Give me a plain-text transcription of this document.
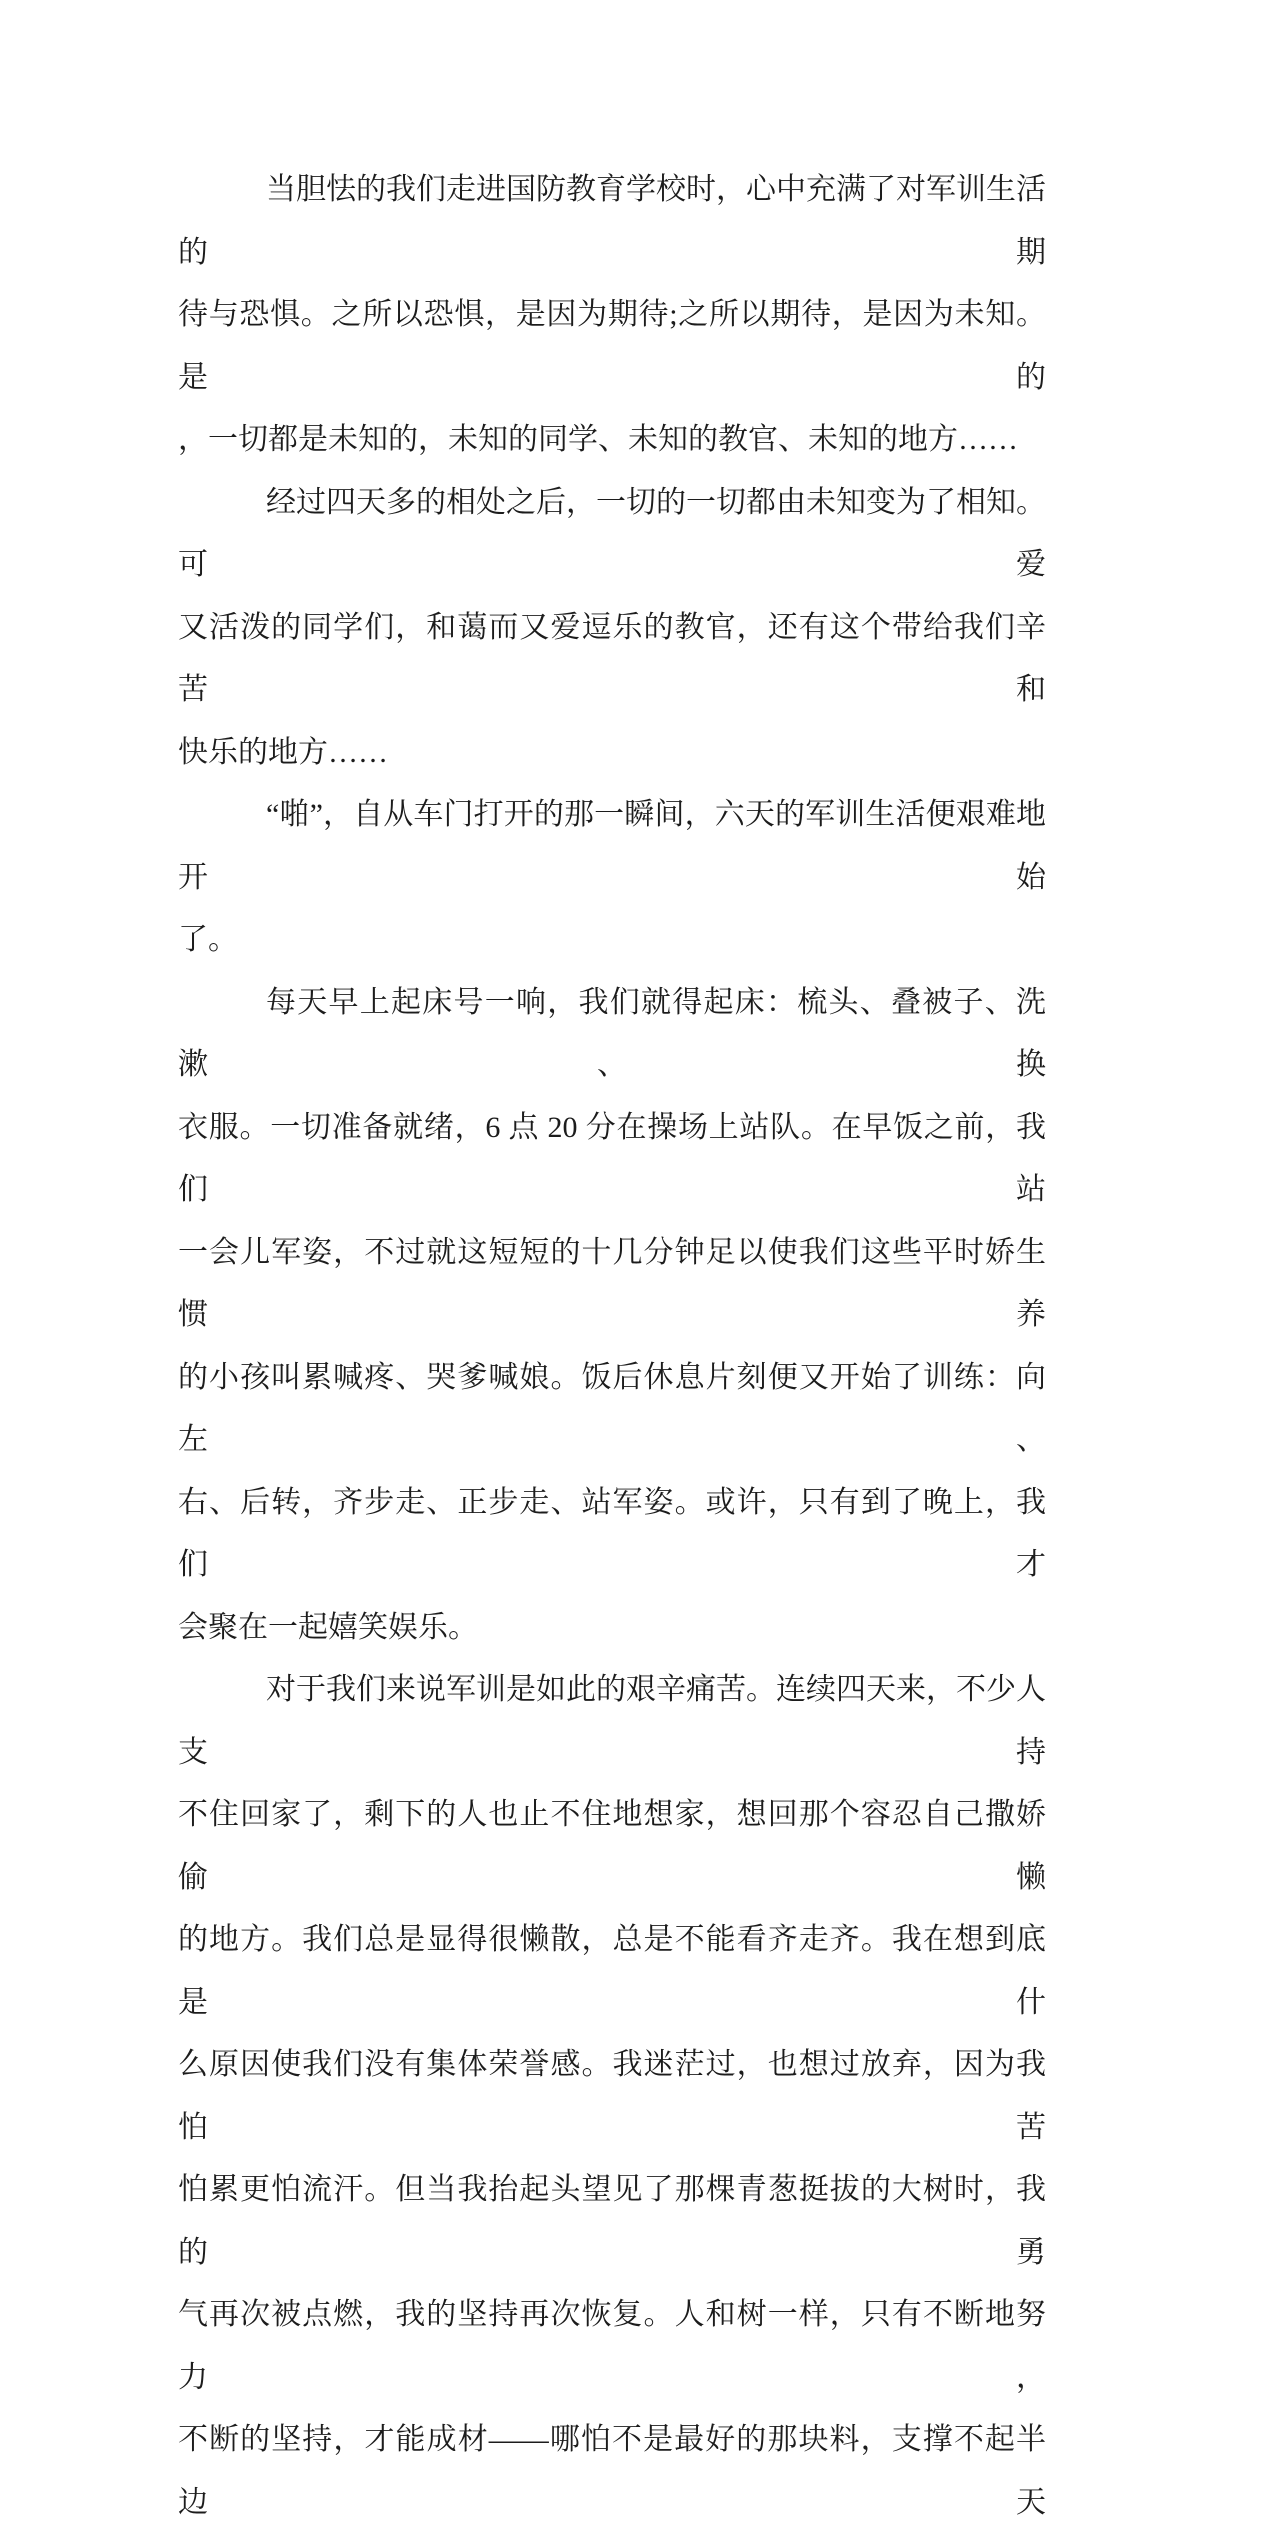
当胆怯的我们走进国防教育学校时，心中充满了对军训生活的期
待与恐惧。之所以恐惧，是因为期待;之所以期待，是因为未知。是的
，一切都是未知的，未知的同学、未知的教官、未知的地方……
经过四天多的相处之后，一切的一切都由未知变为了相知。可爱
又活泼的同学们，和蔼而又爱逗乐的教官，还有这个带给我们辛苦和
快乐的地方……
“啪”，自从车门打开的那一瞬间，六天的军训生活便艰难地开始
了。
每天早上起床号一响，我们就得起床：梳头、叠被子、洗漱、换
衣服。一切准备就绪，6 点 20 分在操场上站队。在早饭之前，我们站
一会儿军姿，不过就这短短的十几分钟足以使我们这些平时娇生惯养
的小孩叫累喊疼、哭爹喊娘。饭后休息片刻便又开始了训练：向左、
右、后转，齐步走、正步走、站军姿。或许，只有到了晚上，我们才
会聚在一起嬉笑娱乐。
对于我们来说军训是如此的艰辛痛苦。连续四天来，不少人支持
不住回家了，剩下的人也止不住地想家，想回那个容忍自己撒娇偷懒
的地方。我们总是显得很懒散，总是不能看齐走齐。我在想到底是什
么原因使我们没有集体荣誉感。我迷茫过，也想过放弃，因为我怕苦
怕累更怕流汗。但当我抬起头望见了那棵青葱挺拔的大树时，我的勇
气再次被点燃，我的坚持再次恢复。人和树一样，只有不断地努力，
不断的坚持，才能成材——哪怕不是最好的那块料，支撑不起半边天
